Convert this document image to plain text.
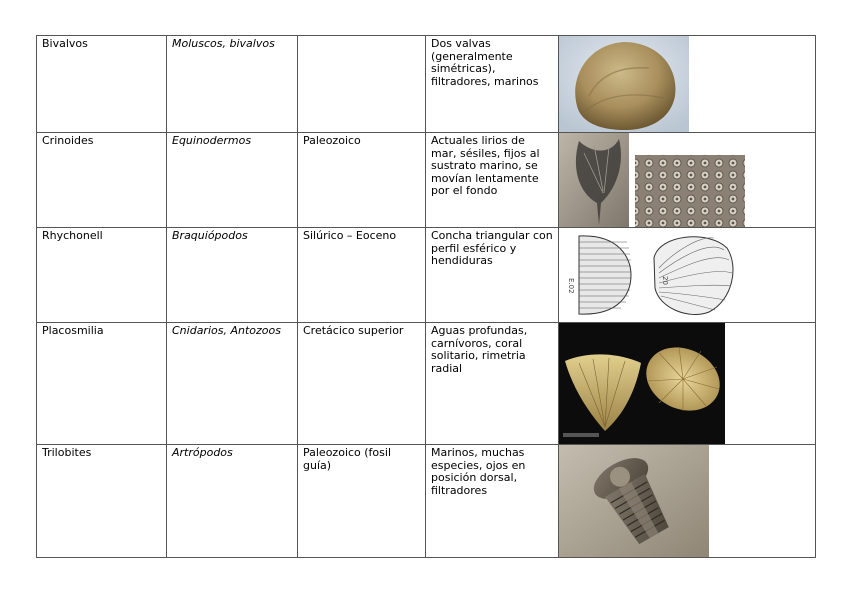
Bivalvos	Moluscos, bivalvos		Dos valvas (generalmente simétricas), filtradores, marinos	

Crinoides	Equinodermos	Paleozoico	Actuales lirios de mar, sésiles, fijos al sustrato marino, se movían lentamente por el fondo	

Rhychonell	Braquiópodos	Silúrico – Eoceno	Concha triangular con perfil esférico y hendiduras	E.02 20

Placosmilia	Cnidarios, Antozoos	Cretácico superior	Aguas profundas, carnívoros, coral solitario, rimetria radial	

Trilobites	Artrópodos	Paleozoico (fosil guía)	Marinos, muchas especies, ojos en posición dorsal, filtradores	
